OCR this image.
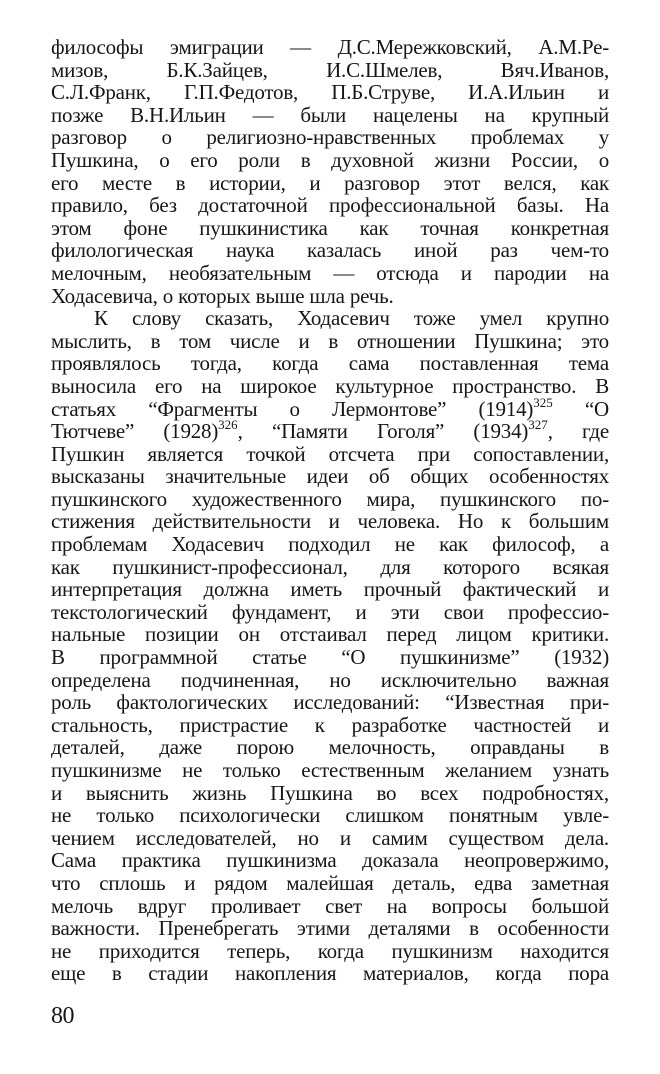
философы эмиграции — Д.С.Мережковский, А.М.Ре-
мизов, Б.К.Зайцев, И.С.Шмелев, Вяч.Иванов,
С.Л.Франк, Г.П.Федотов, П.Б.Струве, И.А.Ильин и
позже В.Н.Ильин — были нацелены на крупный
разговор о религиозно-нравственных проблемах у
Пушкина, о его роли в духовной жизни России, о
его месте в истории, и разговор этот велся, как
правило, без достаточной профессиональной базы. На
этом фоне пушкинистика как точная конкретная
филологическая наука казалась иной раз чем-то
мелочным, необязательным — отсюда и пародии на
Ходасевича, о которых выше шла речь.
К слову сказать, Ходасевич тоже умел крупно
мыслить, в том числе и в отношении Пушкина; это
проявлялось тогда, когда сама поставленная тема
выносила его на широкое культурное пространство. В
статьях “Фрагменты о Лермонтове” $(1914)^{325}$ “О
Тютчеве” $(1928)^{326}$, “Памяти Гоголя” $(1934)^{327}$, где
Пушкин является точкой отсчета при сопоставлении,
высказаны значительные идеи об общих особенностях
пушкинского художественного мира, пушкинского по-
стижения действительности и человека. Но к большим
проблемам Ходасевич подходил не как философ, а
как пушкинист-профессионал, для которого всякая
интерпретация должна иметь прочный фактический и
текстологический фундамент, и эти свои профессио-
нальные позиции он отстаивал перед лицом критики.
В программной статье “О пушкинизме” (1932)
определена подчиненная, но исключительно важная
роль фактологических исследований: “Известная при-
стальность, пристрастие к разработке частностей и
деталей, даже порою мелочность, оправданы в
пушкинизме не только естественным желанием узнать
и выяснить жизнь Пушкина во всех подробностях,
не только психологически слишком понятным увле-
чением исследователей, но и самим существом дела.
Сама практика пушкинизма доказала неопровержимо,
что сплошь и рядом малейшая деталь, едва заметная
мелочь вдруг проливает свет на вопросы большой
важности. Пренебрегать этими деталями в особенности
не приходится теперь, когда пушкинизм находится
еще в стадии накопления материалов, когда пора
80
